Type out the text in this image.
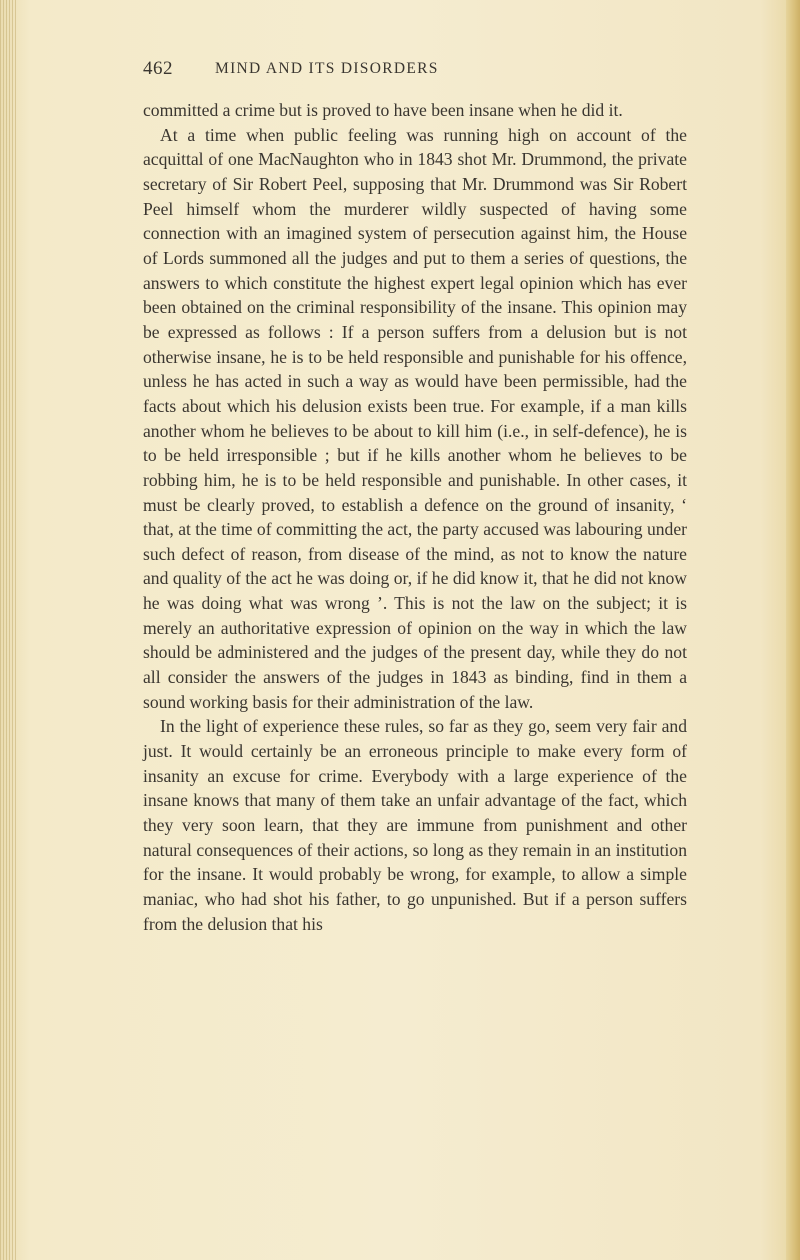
462	MIND AND ITS DISORDERS

committed a crime but is proved to have been insane when he did it.

At a time when public feeling was running high on account of the acquittal of one MacNaughton who in 1843 shot Mr. Drummond, the private secretary of Sir Robert Peel, supposing that Mr. Drummond was Sir Robert Peel himself whom the murderer wildly suspected of having some connection with an imagined system of persecution against him, the House of Lords summoned all the judges and put to them a series of questions, the answers to which constitute the highest expert legal opinion which has ever been obtained on the criminal responsibility of the insane. This opinion may be expressed as follows : If a person suffers from a delusion but is not otherwise insane, he is to be held responsible and punishable for his offence, unless he has acted in such a way as would have been permissible, had the facts about which his delusion exists been true. For example, if a man kills another whom he believes to be about to kill him (i.e., in self-defence), he is to be held irresponsible ; but if he kills another whom he believes to be robbing him, he is to be held responsible and punishable. In other cases, it must be clearly proved, to establish a defence on the ground of insanity, ‘ that, at the time of committing the act, the party accused was labouring under such defect of reason, from disease of the mind, as not to know the nature and quality of the act he was doing or, if he did know it, that he did not know he was doing what was wrong ’. This is not the law on the subject; it is merely an authoritative expression of opinion on the way in which the law should be administered and the judges of the present day, while they do not all consider the answers of the judges in 1843 as binding, find in them a sound working basis for their administration of the law.

In the light of experience these rules, so far as they go, seem very fair and just. It would certainly be an erroneous principle to make every form of insanity an excuse for crime. Everybody with a large experience of the insane knows that many of them take an unfair advantage of the fact, which they very soon learn, that they are immune from punishment and other natural consequences of their actions, so long as they remain in an institution for the insane. It would probably be wrong, for example, to allow a simple maniac, who had shot his father, to go unpunished. But if a person suffers from the delusion that his
